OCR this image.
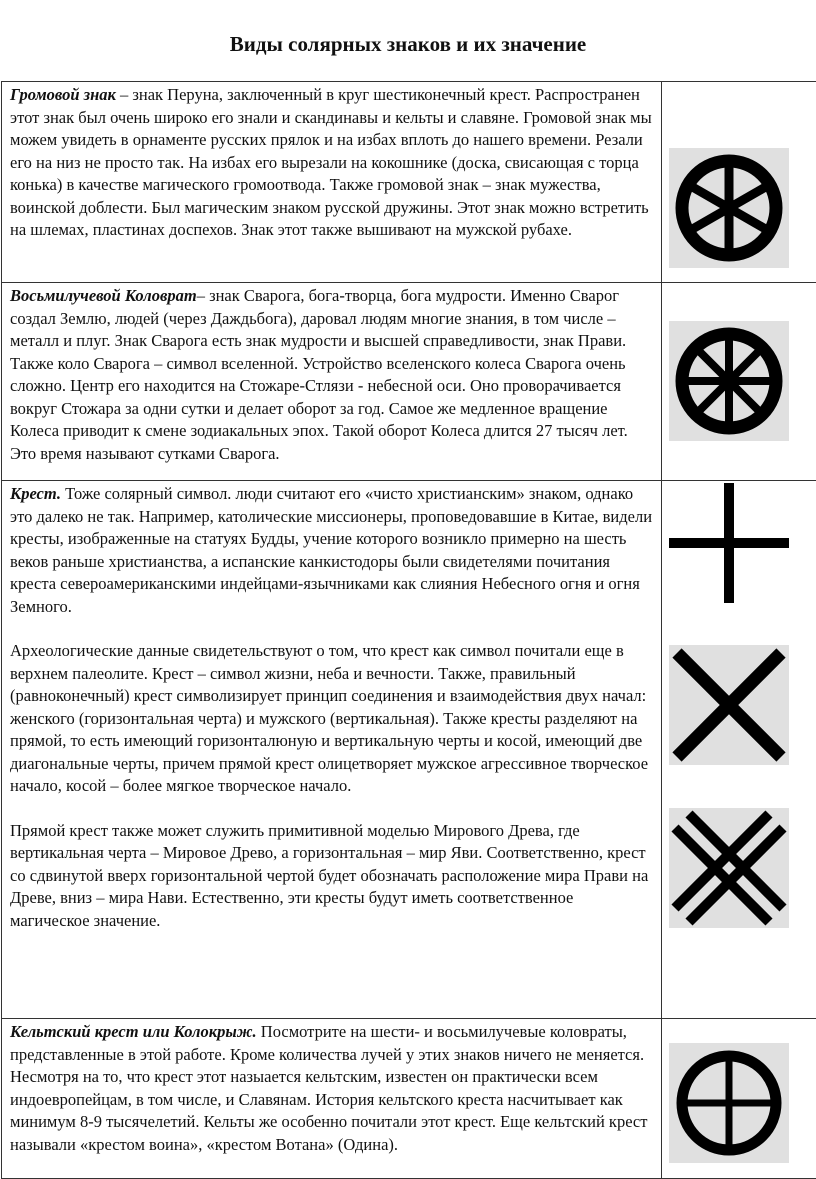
Виды солярных знаков и их значение
Громовой знак – знак Перуна, заключенный в круг шестиконечный крест. Распространен этот знак был очень широко его знали и скандинавы и кельты и славяне. Громовой знак мы можем увидеть в орнаменте русских прялок и на избах вплоть до нашего времени. Резали его на низ не просто так. На избах его вырезали на кокошнике (доска, свисающая с торца конька) в качестве магического громоотвода. Также громовой знак – знак мужества, воинской доблести. Был магическим знаком русской дружины. Этот знак можно встретить на шлемах, пластинах доспехов. Знак этот также вышивают на мужской рубахе.	

Восьмилучевой Коловрат– знак Сварога, бога-творца, бога мудрости. Именно Сварог создал Землю, людей (через Даждьбога), даровал людям многие знания, в том числе – металл и плуг. Знак Сварога есть знак мудрости и высшей справедливости, знак Прави. Также коло Сварога – символ вселенной. Устройство вселенского колеса Сварога очень сложно. Центр его находится на Стожаре-Стлязи - небесной оси. Оно проворачивается вокруг Стожара за одни сутки и делает оборот за год. Самое же медленное вращение Колеса приводит к смене зодиакальных эпох. Такой оборот Колеса длится 27 тысяч лет. Это время называют сутками Сварога.	

Крест. Тоже солярный символ. люди считают его «чисто христианским» знаком, однако это далеко не так. Например, католические миссионеры, проповедовавшие в Китае, видели кресты, изображенные на статуях Будды, учение которого возникло примерно на шесть веков раньше христианства, а испанские канкистодоры были свидетелями почитания креста североамериканскими индейцами-язычниками как слияния Небесного огня и огня Земного.

Археологические данные свидетельствуют о том, что крест как символ почитали еще в верхнем палеолите. Крест – символ жизни, неба и вечности. Также, правильный (равноконечный) крест символизирует принцип соединения и взаимодействия двух начал: женского (горизонтальная черта) и мужского (вертикальная). Также кресты разделяют на прямой, то есть имеющий горизонталюную и вертикальную черты и косой, имеющий две диагональные черты, причем прямой крест олицетворяет мужское агрессивное творческое начало, косой – более мягкое творческое начало.

Прямой крест также может служить примитивной моделью Мирового Древа, где вертикальная черта – Мировое Древо, а горизонтальная – мир Яви. Соответственно, крест со сдвинутой вверх горизонтальной чертой будет обозначать расположение мира Прави на Древе, вниз – мира Нави. Естественно, эти кресты будут иметь соответственное магическое значение.

Кельтский крест или Колокрыж. Посмотрите на шести- и восьмилучевые коловраты, представленные в этой работе. Кроме количества лучей у этих знаков ничего не меняется. Несмотря на то, что крест этот назыается кельтским, известен он практически всем индоевропейцам, в том числе, и Славянам. История кельтского креста насчитывает как минимум 8-9 тысячелетий. Кельты же особенно почитали этот крест. Еще кельтский крест называли «крестом воина», «крестом Вотана» (Одина).	
